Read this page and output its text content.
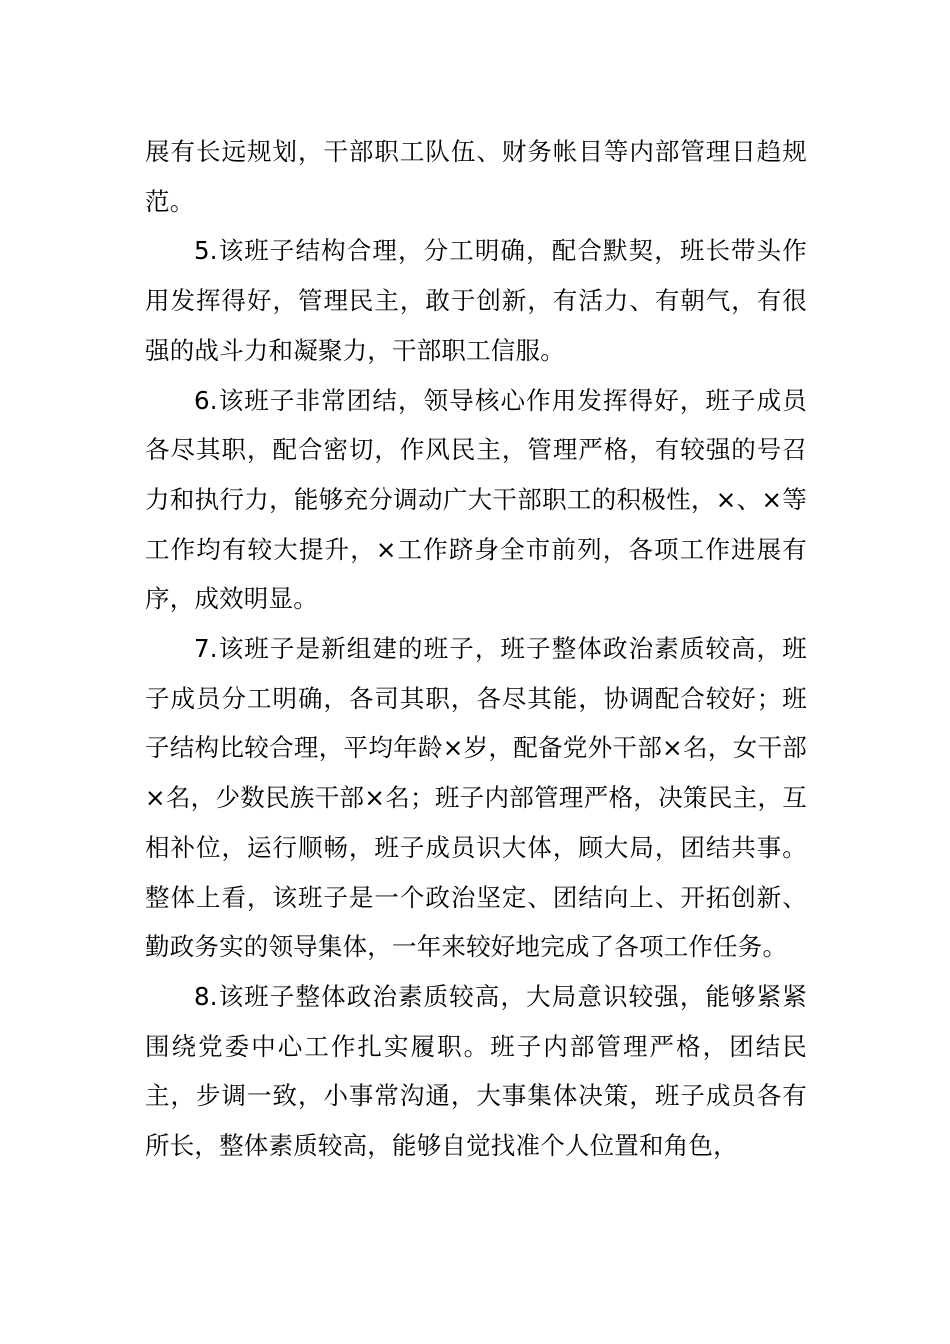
展有长远规划，干部职工队伍、财务帐目等内部管理日趋规范。

5.该班子结构合理，分工明确，配合默契，班长带头作用发挥得好，管理民主，敢于创新，有活力、有朝气，有很强的战斗力和凝聚力，干部职工信服。

6.该班子非常团结，领导核心作用发挥得好，班子成员各尽其职，配合密切，作风民主，管理严格，有较强的号召力和执行力，能够充分调动广大干部职工的积极性，×、×等工作均有较大提升，×工作跻身全市前列，各项工作进展有序，成效明显。

7.该班子是新组建的班子，班子整体政治素质较高，班子成员分工明确，各司其职，各尽其能，协调配合较好；班子结构比较合理，平均年龄×岁，配备党外干部×名，女干部×名，少数民族干部×名；班子内部管理严格，决策民主，互相补位，运行顺畅，班子成员识大体，顾大局，团结共事。整体上看，该班子是一个政治坚定、团结向上、开拓创新、勤政务实的领导集体，一年来较好地完成了各项工作任务。

8.该班子整体政治素质较高，大局意识较强，能够紧紧围绕党委中心工作扎实履职。班子内部管理严格，团结民主，步调一致，小事常沟通，大事集体决策，班子成员各有所长，整体素质较高，能够自觉找准个人位置和角色，
